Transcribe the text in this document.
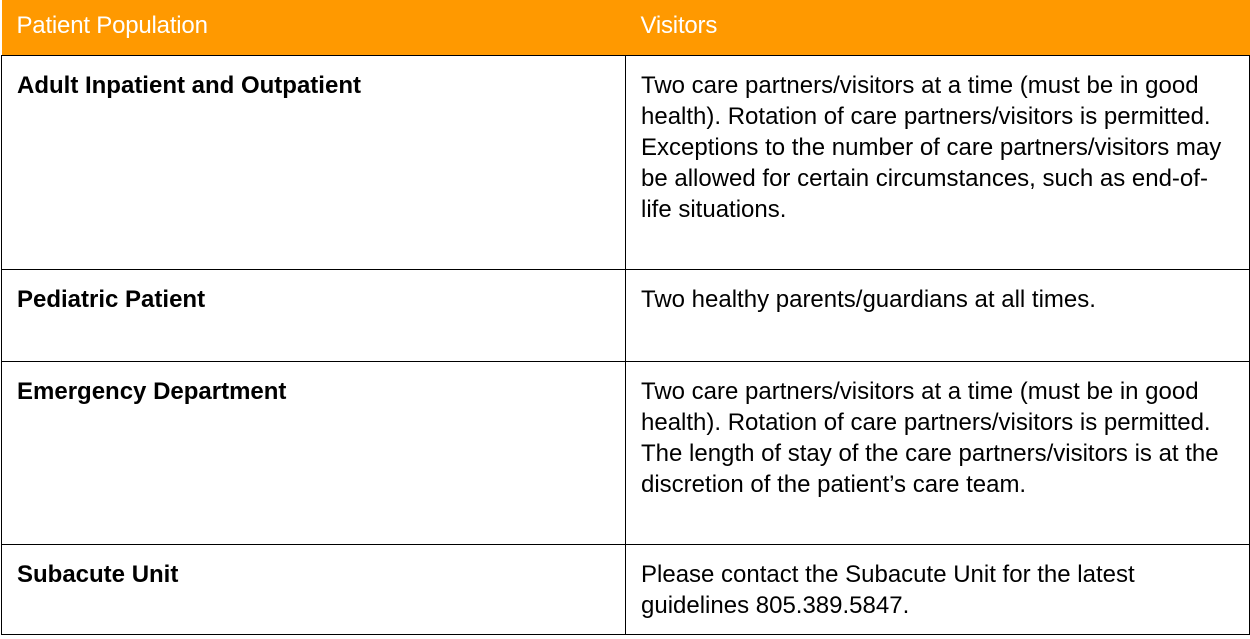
Patient Population	Visitors
Adult Inpatient and Outpatient	Two care partners/visitors at a time (must be in good health). Rotation of care partners/visitors is permitted. Exceptions to the number of care partners/visitors may be allowed for certain circumstances, such as end-of-life situations.
Pediatric Patient	Two healthy parents/guardians at all times.
Emergency Department	Two care partners/visitors at a time (must be in good health). Rotation of care partners/visitors is permitted. The length of stay of the care partners/visitors is at the discretion of the patient’s care team.
Subacute Unit	Please contact the Subacute Unit for the latest guidelines 805.389.5847.
